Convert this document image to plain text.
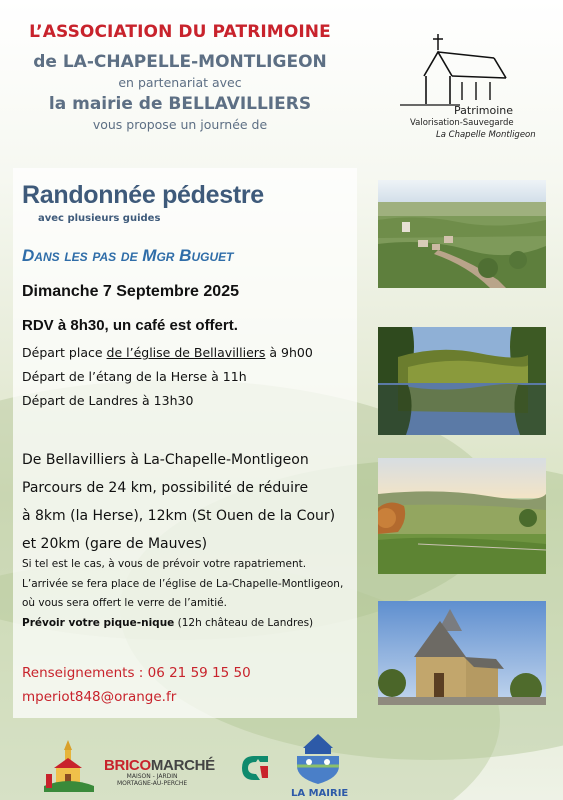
L’ASSOCIATION DU PATRIMOINE
de LA-CHAPELLE-MONTLIGEON
en partenariat avec
la mairie de BELLAVILLIERS
vous propose un journée de
Patrimoine
Valorisation-Sauvegarde
La Chapelle Montligeon
Randonnée pédestre
avec plusieurs guides
Dans les pas de Mgr Buguet
Dimanche 7 Septembre 2025
RDV à 8h30, un café est offert.
Départ place de l’église de Bellavilliers à 9h00
Départ de l’étang de la Herse à 11h
Départ de Landres à 13h30
De Bellavilliers à La-Chapelle-Montligeon
Parcours de 24 km, possibilité de réduire
à 8km (la Herse), 12km (St Ouen de la Cour)
et 20km (gare de Mauves)
Si tel est le cas, à vous de prévoir votre rapatriement.
L’arrivée se fera place de l’église de La-Chapelle-Montligeon,
où vous sera offert le verre de l’amitié.
Prévoir votre pique-nique (12h château de Landres)
Renseignements : 06 21 59 15 50
mperiot848@orange.fr
BRICOMARCHÉ
MAISON - JARDIN
MORTAGNE-AU-PERCHE
LA MAIRIE
